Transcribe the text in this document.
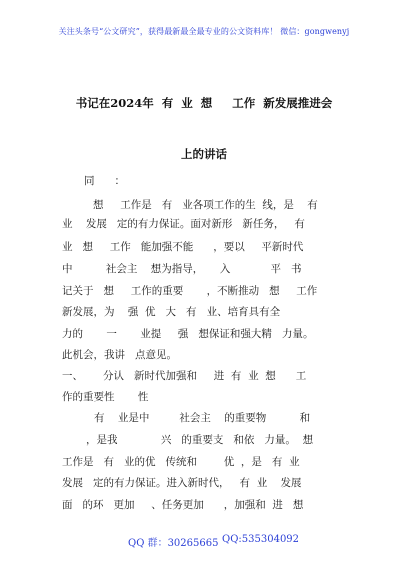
关注头条号“公文研究”，获得最新最全最专业的公文资料库！ 微信：gongwenyj
书记在2024年  有  业  想     工作  新发展推进会
上的讲话
同      ：
想     工作是   有   业各项工作的生  线，是    有
业    发展   定的有力保证。面对新形   新任务，   有
业   想     工作   能加强不能      ，要以     平新时代
中          社会主    想为指导，     入            平   书
记关于   想     工作的重要       ，不断推动   想     工作
新发展，为    强  优   大   有   业、培育具有全
力的       一       业提     强   想保证和强大精   力量。
此机会，我讲   点意见。
一、      分认   新时代加强和     进  有  业  想      工
作的重要性       性
有    业是中         社会主    的重要物          和
，是我             兴   的重要支   和依   力量。  想
工作是   有   业的优   传统和        优  ，是   有  业
发展   定的有力保证。进入新时代，   有  业    发展
面   的环   更加     、任务更加      ，加强和  进   想
QQ 群：30265665 QQ:535304092
